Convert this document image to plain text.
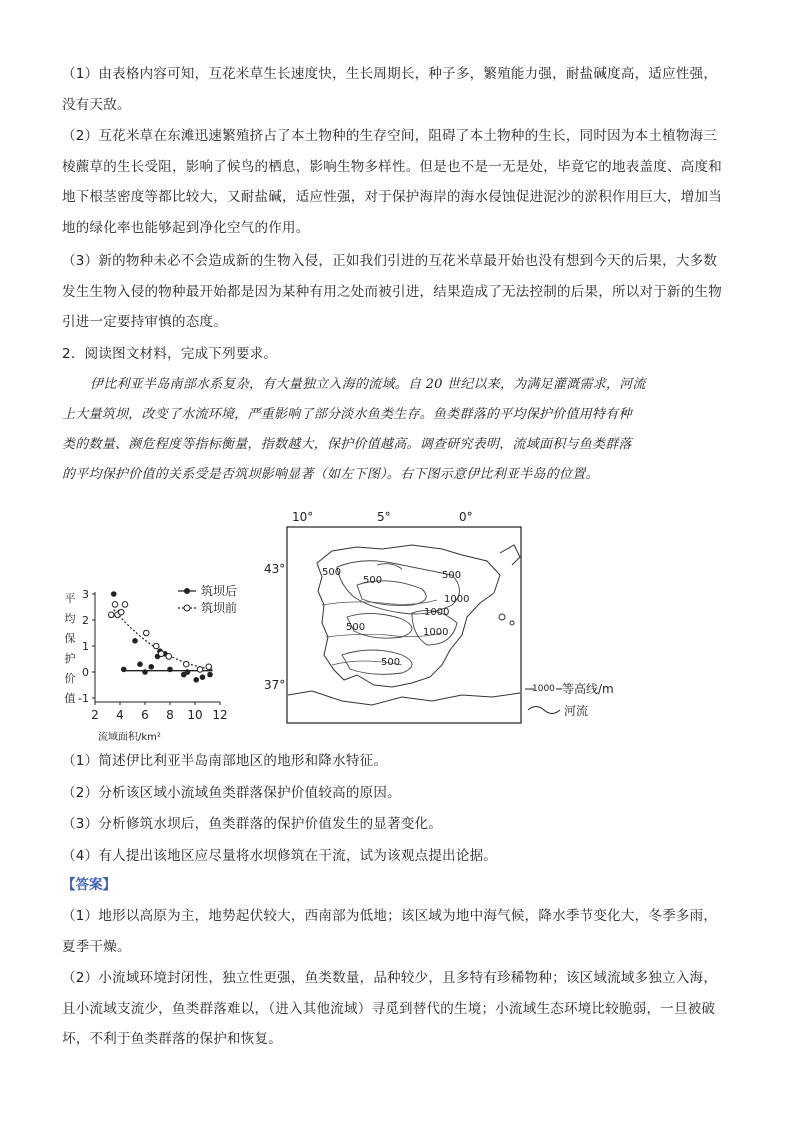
（1）由表格内容可知，互花米草生长速度快，生长周期长，种子多，繁殖能力强，耐盐碱度高，适应性强，
没有天敌。
（2）互花米草在东滩迅速繁殖挤占了本土物种的生存空间，阻碍了本土物种的生长，同时因为本土植物海三
棱藨草的生长受阻，影响了候鸟的栖息，影响生物多样性。但是也不是一无是处，毕竟它的地表盖度、高度和
地下根茎密度等都比较大，又耐盐碱，适应性强，对于保护海岸的海水侵蚀促进泥沙的淤积作用巨大，增加当
地的绿化率也能够起到净化空气的作用。
（3）新的物种未必不会造成新的生物入侵，正如我们引进的互花米草最开始也没有想到今天的后果，大多数
发生生物入侵的物种最开始都是因为某种有用之处而被引进，结果造成了无法控制的后果，所以对于新的生物
引进一定要持审慎的态度。
2．阅读图文材料，完成下列要求。
伊比利亚半岛南部水系复杂，有大量独立入海的流域。自 20 世纪以来，为满足灌溉需求，河流
上大量筑坝，改变了水流环境，严重影响了部分淡水鱼类生存。鱼类群落的平均保护价值用特有种
类的数量、濒危程度等指标衡量，指数越大，保护价值越高。调查研究表明，流域面积与鱼类群落
的平均保护价值的关系受是否筑坝影响显著（如左下图）。右下图示意伊比利亚半岛的位置。
平均保护价值
2 4 6 8 10 12
3
2
1
0
-1
筑坝后
筑坝前
流域面积/km²
10°	5°	0°
43°
37°
500
500	500
1000
1000
500
1000
500
1000 等高线/m
河流
（1）简述伊比利亚半岛南部地区的地形和降水特征。
（2）分析该区域小流域鱼类群落保护价值较高的原因。
（3）分析修筑水坝后，鱼类群落的保护价值发生的显著变化。
（4）有人提出该地区应尽量将水坝修筑在干流，试为该观点提出论据。
【答案】
（1）地形以高原为主，地势起伏较大，西南部为低地；该区域为地中海气候，降水季节变化大，冬季多雨，
夏季干燥。
（2）小流域环境封闭性，独立性更强，鱼类数量，品种较少，且多特有珍稀物种；该区域流域多独立入海，
且小流域支流少，鱼类群落难以，（进入其他流域）寻觅到替代的生境；小流域生态环境比较脆弱，一旦被破
坏，不利于鱼类群落的保护和恢复。
